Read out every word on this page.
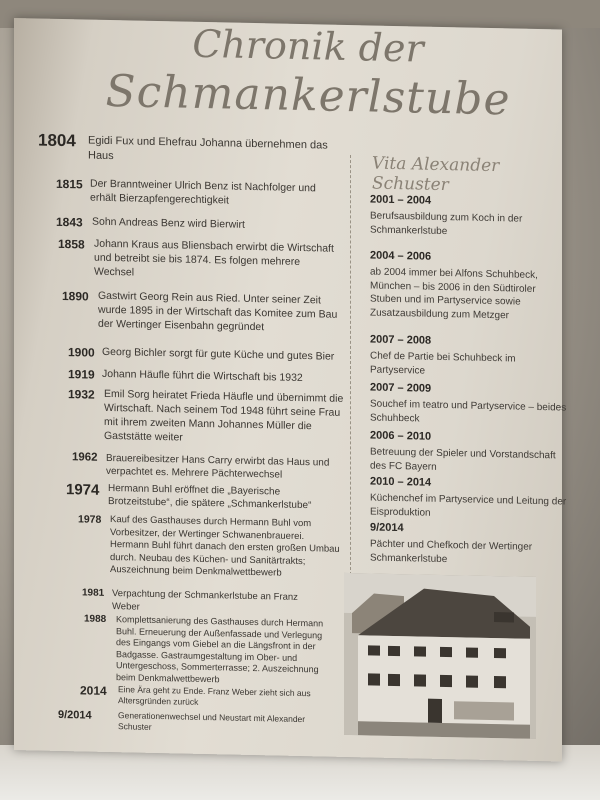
Chronik der
Schmankerlstube
Vita Alexander Schuster
1804 Egidi Fux und Ehefrau Johanna übernehmen das Haus
1815 Der Branntweiner Ulrich Benz ist Nachfolger und erhält Bierzapfengerechtigkeit
1843 Sohn Andreas Benz wird Bierwirt
1858 Johann Kraus aus Bliensbach erwirbt die Wirtschaft und betreibt sie bis 1874. Es folgen mehrere Wechsel
1890 Gastwirt Georg Rein aus Ried. Unter seiner Zeit wurde 1895 in der Wirtschaft das Komitee zum Bau der Wertinger Eisenbahn gegründet
1900 Georg Bichler sorgt für gute Küche und gutes Bier
1919 Johann Häufle führt die Wirtschaft bis 1932
1932 Emil Sorg heiratet Frieda Häufle und übernimmt die Wirtschaft. Nach seinem Tod 1948 führt seine Frau mit ihrem zweiten Mann Johannes Müller die Gaststätte weiter
1962 Brauereibesitzer Hans Carry erwirbt das Haus und verpachtet es. Mehrere Pächterwechsel
1974 Hermann Buhl eröffnet die „Bayerische Brotzeitstube“, die spätere „Schmankerlstube“
1978 Kauf des Gasthauses durch Hermann Buhl vom Vorbesitzer, der Wertinger Schwanenbrauerei. Hermann Buhl führt danach den ersten großen Umbau durch. Neubau des Küchen- und Sanitärtrakts; Auszeichnung beim Denkmalwettbewerb
1981 Verpachtung der Schmankerlstube an Franz Weber
1988 Komplettsanierung des Gasthauses durch Hermann Buhl. Erneuerung der Außenfassade und Verlegung des Eingangs vom Giebel an die Längsfront in der Badgasse. Gastraumgestaltung im Ober- und Untergeschoss, Sommerterrasse; 2. Auszeichnung beim Denkmalwettbewerb
2014 Eine Ära geht zu Ende. Franz Weber zieht sich aus Altersgründen zurück
9/2014	Generationenwechsel und Neustart mit Alexander Schuster
2001 – 2004
Berufsausbildung zum Koch in der Schmankerlstube
2004 – 2006
ab 2004 immer bei Alfons Schuhbeck, München – bis 2006 in den Südtiroler Stuben und im Partyservice sowie Zusatzausbildung zum Metzger
2007 – 2008
Chef de Partie bei Schuhbeck im Partyservice
2007 – 2009
Souchef im teatro und Partyservice – beides Schuhbeck
2006 – 2010
Betreuung der Spieler und Vorstandschaft des FC Bayern
2010 – 2014
Küchenchef im Partyservice und Leitung der Eisproduktion
9/2014
Pächter und Chefkoch der Wertinger Schmankerlstube
